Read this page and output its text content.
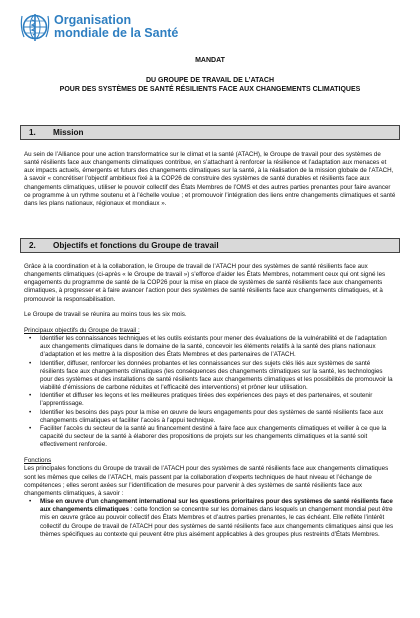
Organisation
mondiale de la Santé
MANDAT
DU GROUPE DE TRAVAIL DE L’ATACH
POUR DES SYSTÈMES DE SANTÉ RÉSILIENTS FACE AUX CHANGEMENTS CLIMATIQUES
1. Mission

Au sein de l’Alliance pour une action transformatrice sur le climat et la santé (ATACH), le Groupe de travail pour des systèmes de santé résilients face aux changements climatiques contribue, en s’attachant à renforcer la résilience et l’adaptation aux menaces et aux impacts actuels, émergents et futurs des changements climatiques sur la santé, à la réalisation de la mission globale de l’ATACH, à savoir « concrétiser l’objectif ambitieux fixé à la COP26 de construire des systèmes de santé durables et résilients face aux changements climatiques, utiliser le pouvoir collectif des États Membres de l’OMS et des autres parties prenantes pour faire avancer ce programme à un rythme soutenu et à l’échelle voulue ; et promouvoir l’intégration des liens entre changements climatiques et santé dans les plans nationaux, régionaux et mondiaux ».

2. Objectifs et fonctions du Groupe de travail

Grâce à la coordination et à la collaboration, le Groupe de travail de l’ATACH pour des systèmes de santé résilients face aux changements climatiques (ci-après « le Groupe de travail ») s’efforce d’aider les États Membres, notamment ceux qui ont signé les engagements du programme de santé de la COP26 pour la mise en place de systèmes de santé résilients face aux changements climatiques, à progresser et à faire avancer l’action pour des systèmes de santé résilients face aux changements climatiques, et à promouvoir la responsabilisation.

Le Groupe de travail se réunira au moins tous les six mois.

Principaux objectifs du Groupe de travail :

• Identifier les connaissances techniques et les outils existants pour mener des évaluations de la vulnérabilité et de l’adaptation aux changements climatiques dans le domaine de la santé, concevoir les éléments relatifs à la santé des plans nationaux d’adaptation et les mettre à la disposition des États Membres et des partenaires de l’ATACH.
• Identifier, diffuser, renforcer les données probantes et les connaissances sur des sujets clés liés aux systèmes de santé résilients face aux changements climatiques (les conséquences des changements climatiques sur la santé, les technologies pour des systèmes et des installations de santé résilients face aux changements climatiques et les possibilités de promouvoir la viabilité d’émissions de carbone réduites et l’efficacité des interventions) et prôner leur utilisation.
• Identifier et diffuser les leçons et les meilleures pratiques tirées des expériences des pays et des partenaires, et soutenir l’apprentissage.
• Identifier les besoins des pays pour la mise en œuvre de leurs engagements pour des systèmes de santé résilients face aux changements climatiques et faciliter l’accès à l’appui technique.
• Faciliter l’accès du secteur de la santé au financement destiné à faire face aux changements climatiques et veiller à ce que la capacité du secteur de la santé à élaborer des propositions de projets sur les changements climatiques et la santé soit effectivement renforcée.

Fonctions

Les principales fonctions du Groupe de travail de l’ATACH pour des systèmes de santé résilients face aux changements climatiques sont les mêmes que celles de l’ATACH, mais passent par la collaboration d’experts techniques de haut niveau et l’échange de compétences ; elles seront axées sur l’identification de mesures pour parvenir à des systèmes de santé résilients face aux changements climatiques, à savoir :

• Mise en œuvre d’un changement international sur les questions prioritaires pour des systèmes de santé résilients face aux changements climatiques : cette fonction se concentre sur les domaines dans lesquels un changement mondial peut être mis en œuvre grâce au pouvoir collectif des États Membres et d’autres parties prenantes, le cas échéant. Elle reflète l’intérêt collectif du Groupe de travail de l’ATACH pour des systèmes de santé résilients face aux changements climatiques ainsi que les thèmes spécifiques au contexte qui peuvent être plus aisément applicables à des groupes plus restreints d’États Membres.
